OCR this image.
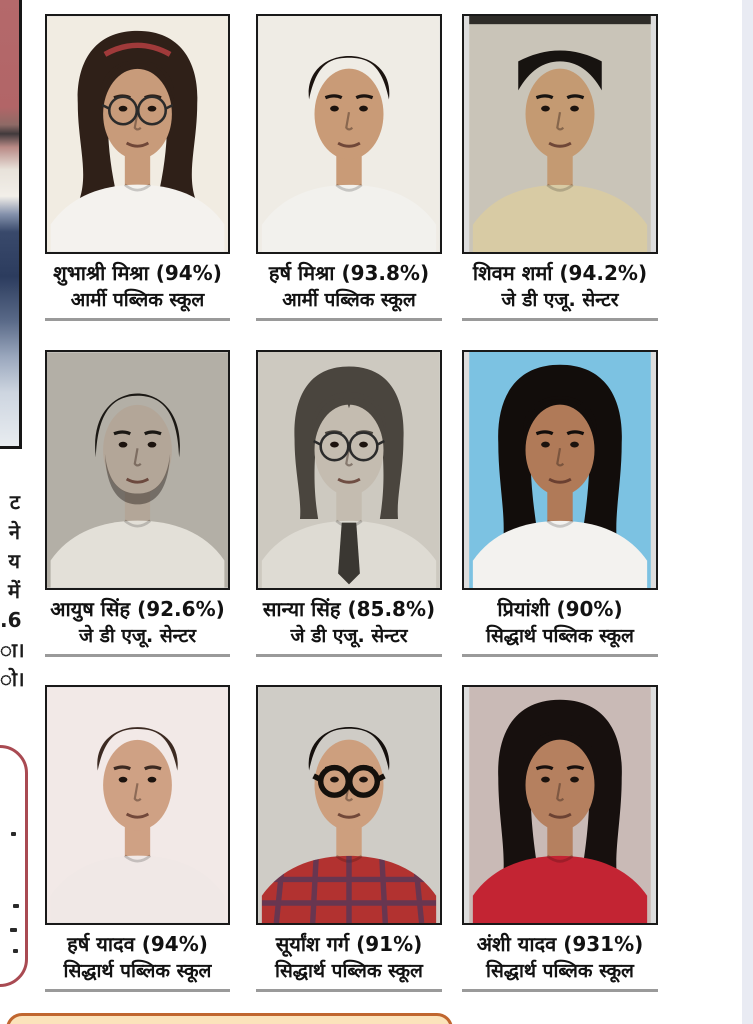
ट
ने
य
में
.6
ा।
ो।
शुभाश्री मिश्रा (94%)
आर्मी पब्लिक स्कूल
हर्ष मिश्रा (93.8%)
आर्मी पब्लिक स्कूल
शिवम शर्मा (94.2%)
जे डी एजू. सेन्टर
आयुष सिंह (92.6%)
जे डी एजू. सेन्टर
सान्या सिंह (85.8%)
जे डी एजू. सेन्टर
प्रियांशी (90%)
सिद्धार्थ पब्लिक स्कूल
हर्ष यादव (94%)
सिद्धार्थ पब्लिक स्कूल
सूर्यांश गर्ग (91%)
सिद्धार्थ पब्लिक स्कूल
अंशी यादव (931%)
सिद्धार्थ पब्लिक स्कूल
